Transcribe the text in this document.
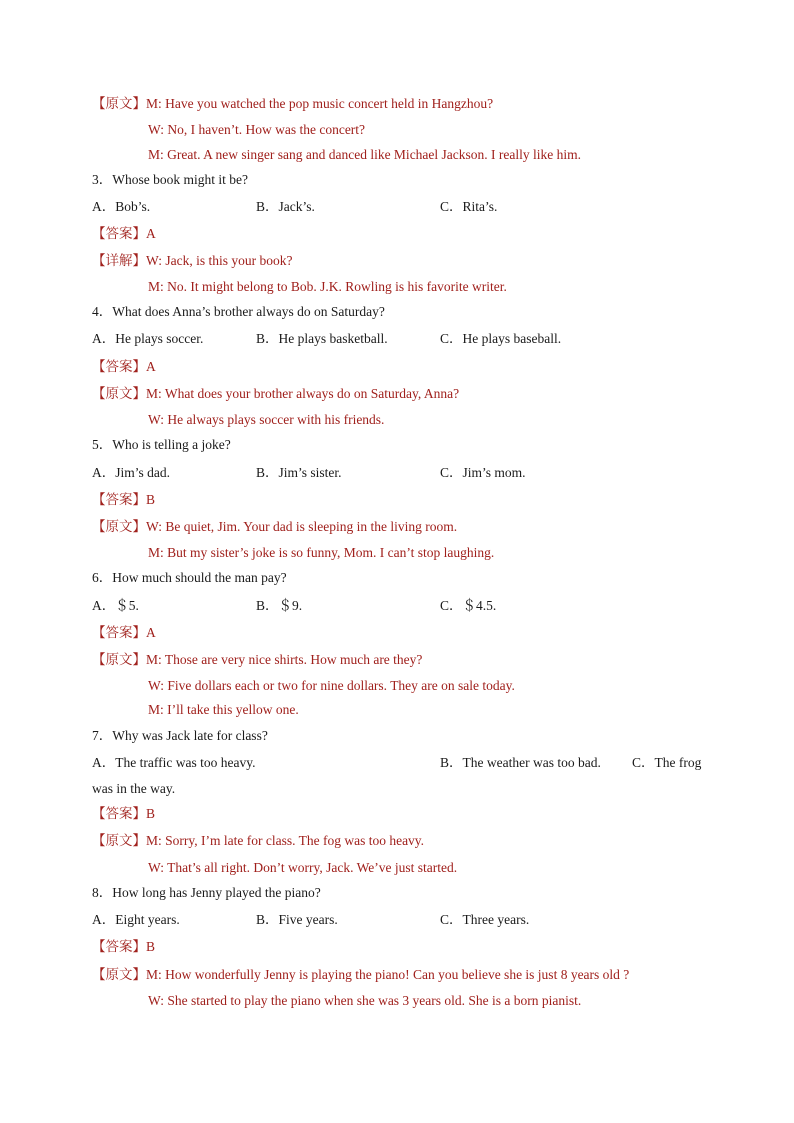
【原文】M: Have you watched the pop music concert held in Hangzhou?
W: No, I haven’t. How was the concert?
M: Great. A new singer sang and danced like Michael Jackson. I really like him.
3．Whose book might it be?
A．Bob’s.	B．Jack’s.	C．Rita’s.
【答案】A
【详解】W: Jack, is this your book?
M: No. It might belong to Bob. J.K. Rowling is his favorite writer.
4．What does Anna’s brother always do on Saturday?
A．He plays soccer.	B．He plays basketball.	C．He plays baseball.
【答案】A
【原文】M: What does your brother always do on Saturday, Anna?
W: He always plays soccer with his friends.
5．Who is telling a joke?
A．Jim’s dad.	B．Jim’s sister.	C．Jim’s mom.
【答案】B
【原文】W: Be quiet, Jim. Your dad is sleeping in the living room.
M: But my sister’s joke is so funny, Mom. I can’t stop laughing.
6．How much should the man pay?
A．＄5.	B．＄9.	C．＄4.5.
【答案】A
【原文】M: Those are very nice shirts. How much are they?
W: Five dollars each or two for nine dollars. They are on sale today.
M: I’ll take this yellow one.
7．Why was Jack late for class?
A．The traffic was too heavy.	B．The weather was too bad. C．The frog
was in the way.
【答案】B
【原文】M: Sorry, I’m late for class. The fog was too heavy.
W: That’s all right. Don’t worry, Jack. We’ve just started.
8．How long has Jenny played the piano?
A．Eight years.	B．Five years.	C．Three years.
【答案】B
【原文】M: How wonderfully Jenny is playing the piano! Can you believe she is just 8 years old ?
W: She started to play the piano when she was 3 years old. She is a born pianist.
